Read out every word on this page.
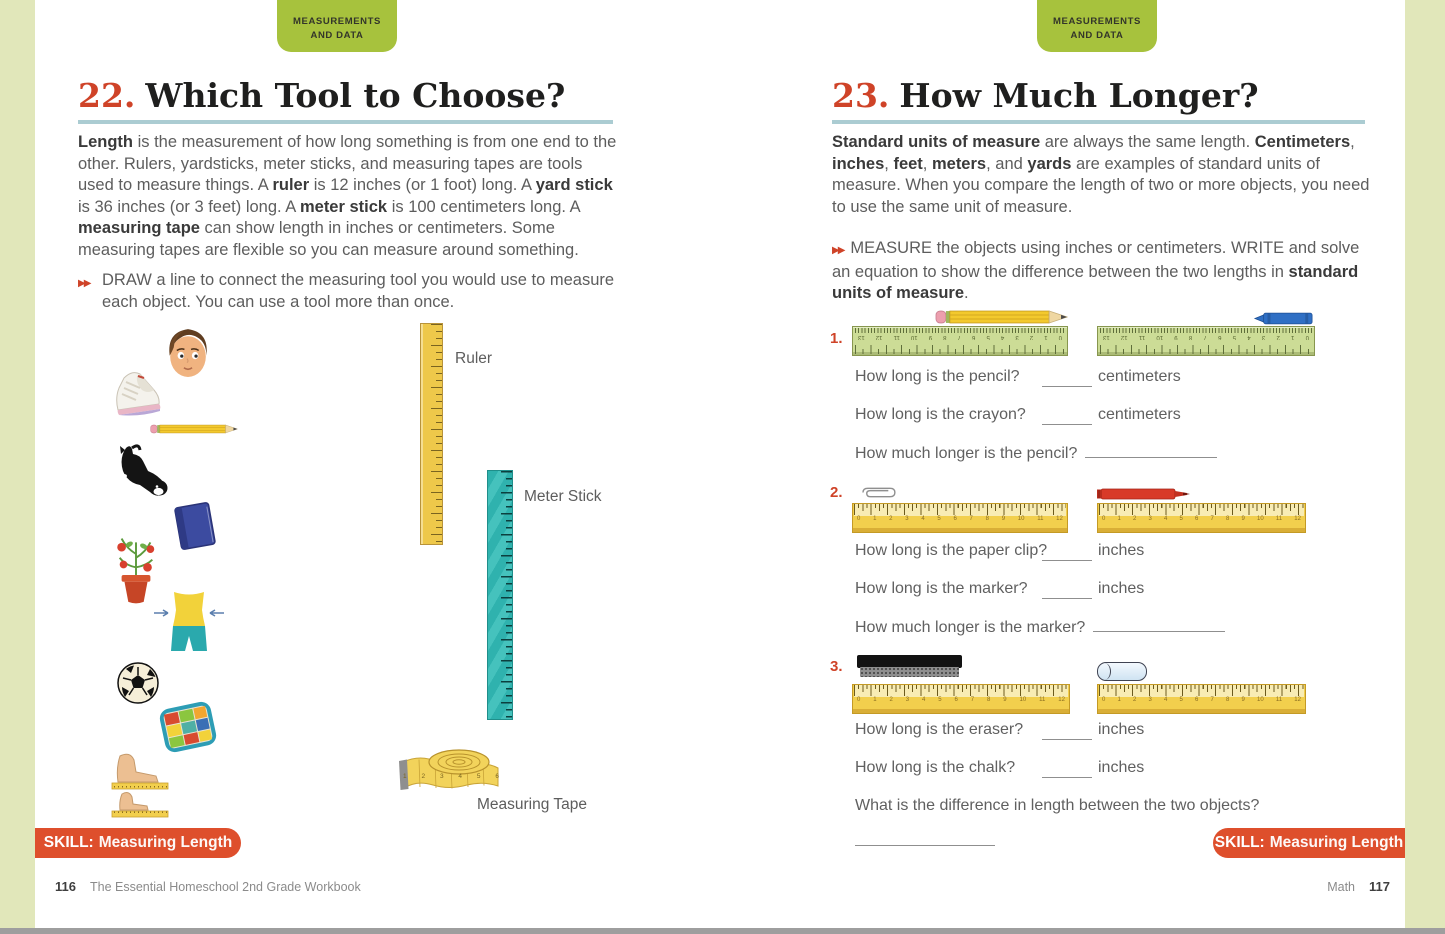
MEASUREMENTS
AND DATA
MEASUREMENTS
AND DATA
22. Which Tool to Choose?

Length is the measurement of how long something is from one end to the other. Rulers, yardsticks, meter sticks, and measuring tapes are tools used to measure things. A ruler is 12 inches (or 1 foot) long. A yard stick is 36 inches (or 3 feet) long. A meter stick is 100 centimeters long. A measuring tape can show length in inches or centimeters. Some measuring tapes are flexible so you can measure around something.

▶▶ DRAW a line to connect the measuring tool you would use to measure each object. You can use a tool more than once.
Ruler
Meter Stick
1 2 3 4 5 6
Measuring Tape
SKILL: Measuring Length
116 The Essential Homeschool 2nd Grade Workbook
23. How Much Longer?

Standard units of measure are always the same length. Centimeters, inches, feet, meters, and yards are examples of standard units of measure. When you compare the length of two or more objects, you need to use the same unit of measure.

▶▶ MEASURE the objects using inches or centimeters. WRITE and solve an equation to show the difference between the two lengths in standard units of measure.
1.	0
1
2
3
4
5
6
7
8
9
10
11
12
13	0
1
2
3
4
5
6
7
8
9
10
11
12
13
How long is the pencil?	centimeters
How long is the crayon?	centimeters
How much longer is the pencil?
2.
0 1 2 3 4 5 6 7 8 9 10 11 12	0 1 2 3 4 5 6 7 8 9 10 11 12
How long is the paper clip?	inches
How long is the marker?	inches
How much longer is the marker?
3.
0 1 2 3 4 5 6 7 8 9 10 11 12	0 1 2 3 4 5 6 7 8 9 10 11 12
How long is the eraser?	inches
How long is the chalk?	inches
What is the difference in length between the two objects?
SKILL: Measuring Length
Math 117
